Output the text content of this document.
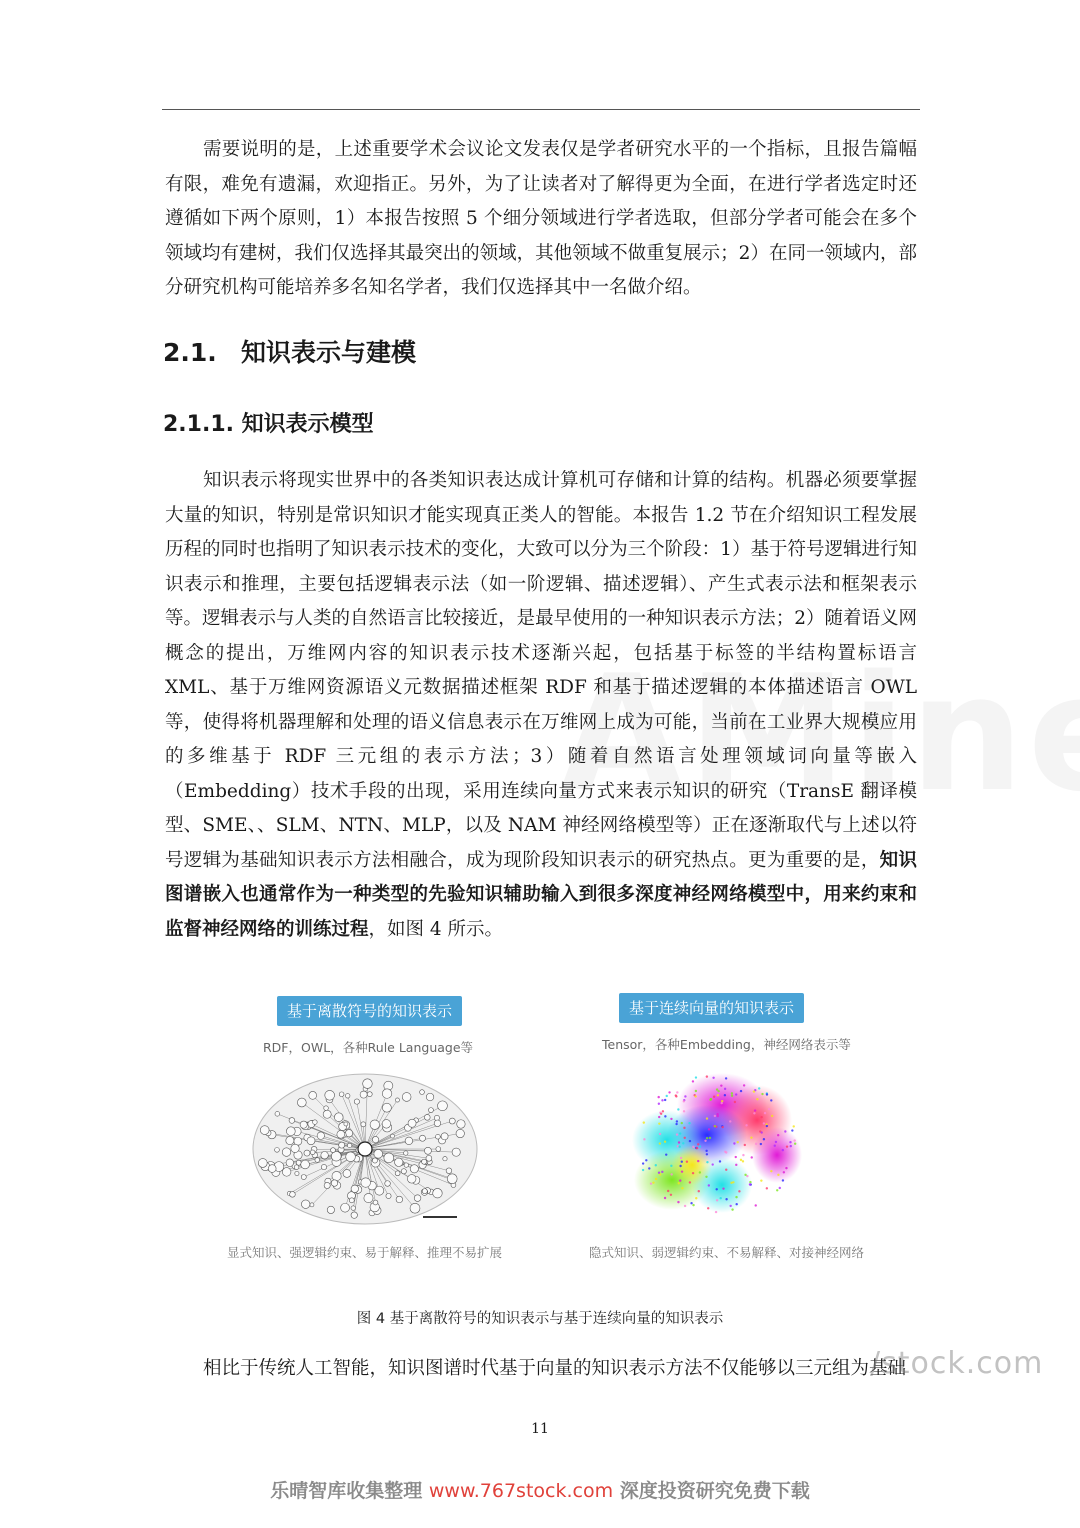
需要说明的是，上述重要学术会议论文发表仅是学者研究水平的一个指标，且报告篇幅有限，难免有遗漏，欢迎指正。另外，为了让读者对了解得更为全面，在进行学者选定时还遵循如下两个原则，1）本报告按照 5 个细分领域进行学者选取，但部分学者可能会在多个领域均有建树，我们仅选择其最突出的领域，其他领域不做重复展示；2）在同一领域内，部分研究机构可能培养多名知名学者，我们仅选择其中一名做介绍。

2.1. 知识表示与建模
2.1.1. 知识表示模型

知识表示将现实世界中的各类知识表达成计算机可存储和计算的结构。机器必须要掌握大量的知识，特别是常识知识才能实现真正类人的智能。本报告 1.2 节在介绍知识工程发展历程的同时也指明了知识表示技术的变化，大致可以分为三个阶段：1）基于符号逻辑进行知识表示和推理，主要包括逻辑表示法（如一阶逻辑、描述逻辑）、产生式表示法和框架表示等。逻辑表示与人类的自然语言比较接近，是最早使用的一种知识表示方法；2）随着语义网概念的提出，万维网内容的知识表示技术逐渐兴起，包括基于标签的半结构置标语言 XML、基于万维网资源语义元数据描述框架 RDF 和基于描述逻辑的本体描述语言 OWL 等，使得将机器理解和处理的语义信息表示在万维网上成为可能，当前在工业界大规模应用的多维基于 RDF 三元组的表示方法；3）随着自然语言处理领域词向量等嵌入（Embedding）技术手段的出现，采用连续向量方式来表示知识的研究（TransE 翻译模型、SME、、SLM、NTN、MLP，以及 NAM 神经网络模型等）正在逐渐取代与上述以符号逻辑为基础知识表示方法相融合，成为现阶段知识表示的研究热点。更为重要的是，知识图谱嵌入也通常作为一种类型的先验知识辅助输入到很多深度神经网络模型中，用来约束和监督神经网络的训练过程，如图 4 所示。

基于离散符号的知识表示
RDF，OWL，各种Rule Language等
显式知识、强逻辑约束、易于解释、推理不易扩展
基于连续向量的知识表示
Tensor，各种Embedding，神经网络表示等
隐式知识、弱逻辑约束、不易解释、对接神经网络
图 4 基于离散符号的知识表示与基于连续向量的知识表示

相比于传统人工智能，知识图谱时代基于向量的知识表示方法不仅能够以三元组为基础

/stock.com
11
乐晴智库收集整理 www.767stock.com 深度投资研究免费下载
